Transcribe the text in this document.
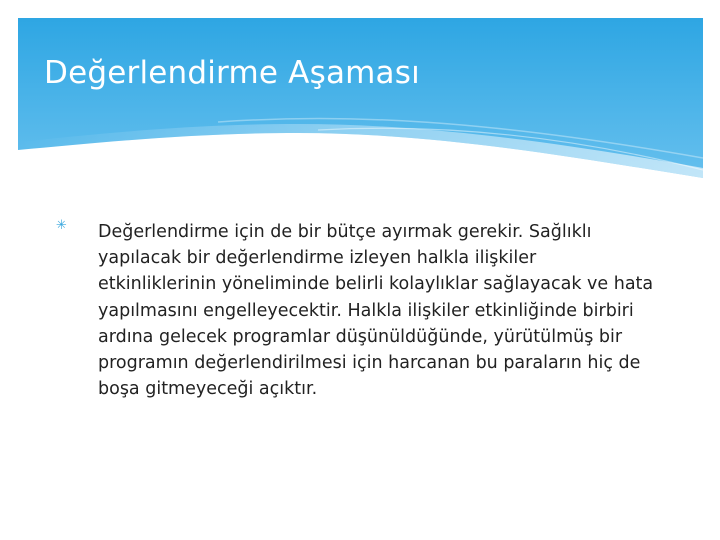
Değerlendirme Aşaması
✳	Değerlendirme için de bir bütçe ayırmak gerekir. Sağlıklı yapılacak bir değerlendirme izleyen halkla ilişkiler etkinliklerinin yöneliminde belirli kolaylıklar sağlayacak ve hata yapılmasını engelleyecektir. Halkla ilişkiler etkinliğinde birbiri ardına gelecek programlar düşünüldüğünde, yürütülmüş bir programın değerlendirilmesi için harcanan bu paraların hiç de boşa gitmeyeceği açıktır.
